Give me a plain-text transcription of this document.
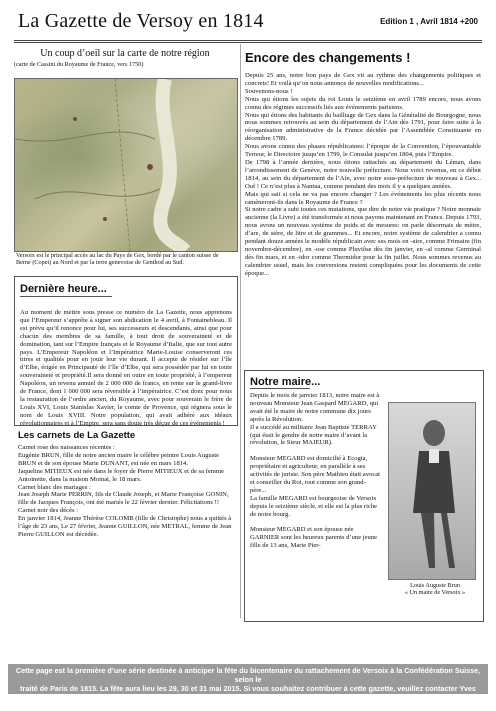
La Gazette de Versoy en 1814	Edition 1 , Avril 1814 +200
Un coup d’oeil sur la carte de notre région
(carte de Cassini du Royaume de France, vers 1750)
Versoix est le principal accès au lac du Pays de Gex, bordé par le canton suisse de Berne (Copet) au Nord et par la terre genevoise de Genthod au Sud.
Dernière heure...
Au moment de mettre sous presse ce numéro de La Gazette, nous apprenons que l’Empereur s’apprête à signer son abdication le 4 avril, à Fontainebleau. Il est prévu qu’il renonce pour lui, ses successeurs et descendants, ainsi que pour chacun des membres de sa famille, à tout droit de souveraineté et de domination, tant sur l’Empire français et le Royaume d’Italie, que sur tout autre pays. L’Empereur Napoléon et l’Impératrice Marie-Louise conserveront ces titres et qualités pour en jouir leur vie durant. Il accepte de résider sur l’île d’Elbe, érigée en Principauté de l’île d’Elbe, qui sera possédée par lui en toute souveraineté et propriété.Il sera donné en outre en toute propriété, à l’empereur Napoléon, un revenu annuel de 2 000 000 de francs, en rente sur le grand-livre de France, dont 1 000 000 sera réversible à l’impératrice. C’est donc pour nous la restauration de l’ordre ancien, du Royaume, avec pour souverain le frère de Louis XVI, Louis Stanislas Xavier, le comte de Provence, qui régnera sous le nom de Louis XVIII. Notre population, qui avait adhéré aux idéaux révolutionnaires et à l’Empire, sera sans doute très déçue de ces événements !
Les carnets de La Gazette
Carnet rose des naissances récentes :
Eugénie BRUN, fille de notre ancien maire le célèbre peintre Louis Auguste BRUN et de son épouse Marie DUNANT, est née en mars 1814.
Jaqueline MITIEUX est née dans le foyer de Pierre MITIEUX et de sa femme Antoinette, dans la maison Moinat, le 18 mars.
Carnet blanc des mariages :
Jean Joseph Marie PERRIN, fils de Claude Joseph, et Marie Françoise GONIN, fille de Jacques François, ont été mariés le 22 février dernier. Félicitations !!
Carnet noir des décès :
En janvier 1814, Jeanne Thérèse COLOMB (fille de Christophe) nous a quittés à l’âge de 23 ans, Le 27 février, Jeanne GUILLON, née METRAL, femme de Jean Pierre GUILLON est décédée.
Encore des changements !
Depuis 25 ans, notre bon pays de Gex vit au rythme des changements politiques et concrets! Et voilà qu’on nous annonce de nouvelles modifications...
Souvenons-nous !
Nous qui étions les sujets du roi Louis le seizième en avril 1789 encore, nous avons connu des régimes successifs liés aux événements parisiens.
Nous qui étions des habitants du bailliage de Gex dans la Généralité de Bourgogne, nous nous sommes retrouvés au sein du département de l’Ain dès 1791, pour faire suite à la réorganisation administrative de la France décidée par l’Assemblée Constituante en décembre 1789.
Nous avons connu des phases républicaines: l’époque de la Convention, l’épouvantable Terreur, le Directoire jusqu’en 1799, le Consulat jusqu’en 1804, puis l’Empire.
De 1798 à l’année dernière, nous étions rattachés au département du Léman, dans l’arrondissement de Genève, notre nouvelle préfecture. Nous voici revenus, en ce début 1814, au sein du département de l’Ain, avec notre sous-préfecture de nouveau à Gex... Ouf ! Ce n’est plus à Nantua, comme pendant des mois il y a quelques années.
Mais qui sait si cela ne va pas encore changer ? Les événements les plus récents nous ramèneront-ils dans le Royaume de France ?
Si notre cadre a subi toutes ces mutations, que dire de notre vie pratique ? Notre monnaie ancienne (la Livre) a été transformée et nous payons maintenant en Francs. Depuis 1793, nous avons un nouveau système de poids et de mesures: on parle désormais de mètre, d’are, de stère, de litre et de grammes... Et encore, notre système de calendrier a connu pendant douze années le modèle républicain avec ses mois en -aire, comme Frimaire (fin novembre-décembre), en -ose comme Pluviôse dès fin janvier, en -al comme Germinal dès fin mars, et en -idor comme Thermidor pour la fin juillet. Nous sommes revenus au calendrier usuel, mais les conversions restent compliquées pour les documents de cette époque...
Notre maire...
Depuis le mois de janvier 1813, notre maire est à nouveau Monsieur Jean Gaspard MEGARD, qui avait été le maire de notre commune dix jours après la Révolution.
Il a succédé au militaire Jean Baptiste TERRAY (qui était le gendre de notre maire d’avant la révolution, le Sieur MAJEUR).

Monsieur MEGARD est domicilié à Ecogia, propriétaire et agriculteur, en parallèle à ses activités de juriste. Son père Mathieu était avocat et conseiller du Roi, tout comme son grand-père...
La famille MEGARD est bourgeoise de Versoix depuis le seizième siècle, et elle est la plus riche de notre bourg.

Monsieur MEGARD et son épouse née GARNIER sont les heureux parents d’une jeune fille de 13 ans, Marie Pier-
Louis Auguste Brun
« Un maire de Versoix »
Cette page est la première d’une série destinée à anticiper la fête du bicentenaire du rattachement de Versoix à la Confédération Suisse, selon le
traité de Paris de 1815. La fête aura lieu les 29, 30 et 31 mai 2015. Si vous souhaitez contribuer à cette gazette, veuillez contacter Yves Richard à
yri@bluewin.ch. Merci !
